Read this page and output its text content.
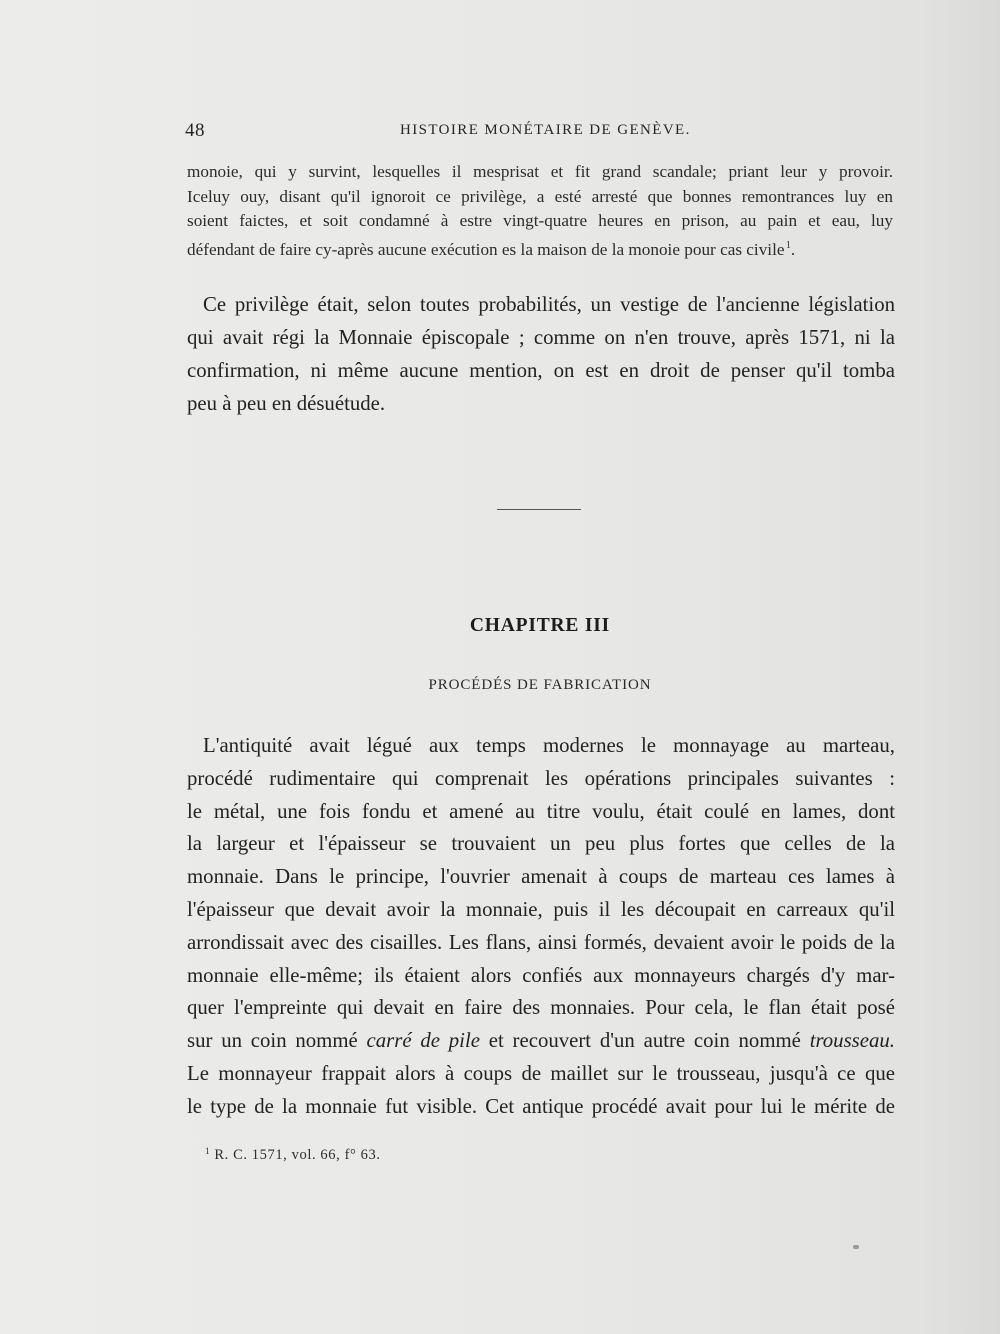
48	HISTOIRE MONÉTAIRE DE GENÈVE.
monoie, qui y survint, lesquelles il mesprisat et fit grand scandale; priant leur y provoir.
Iceluy ouy, disant qu'il ignoroit ce privilège, a esté arresté que bonnes remontrances luy en
soient faictes, et soit condamné à estre vingt-quatre heures en prison, au pain et eau, luy
défendant de faire cy-après aucune exécution es la maison de la monoie pour cas civile $^1$.
Ce privilège était, selon toutes probabilités, un vestige de l'ancienne législation
qui avait régi la Monnaie épiscopale ; comme on n'en trouve, après 1571, ni la
confirmation, ni même aucune mention, on est en droit de penser qu'il tomba
peu à peu en désuétude.
CHAPITRE III
PROCÉDÉS DE FABRICATION
L'antiquité avait légué aux temps modernes le monnayage au marteau,
procédé rudimentaire qui comprenait les opérations principales suivantes :
le métal, une fois fondu et amené au titre voulu, était coulé en lames, dont
la largeur et l'épaisseur se trouvaient un peu plus fortes que celles de la
monnaie. Dans le principe, l'ouvrier amenait à coups de marteau ces lames à
l'épaisseur que devait avoir la monnaie, puis il les découpait en carreaux qu'il
arrondissait avec des cisailles. Les flans, ainsi formés, devaient avoir le poids de la
monnaie elle-même; ils étaient alors confiés aux monnayeurs chargés d'y mar-
quer l'empreinte qui devait en faire des monnaies. Pour cela, le flan était posé
sur un coin nommé carré de pile et recouvert d'un autre coin nommé trousseau.
Le monnayeur frappait alors à coups de maillet sur le trousseau, jusqu'à ce que
le type de la monnaie fut visible. Cet antique procédé avait pour lui le mérite de
$^1$ R. C. 1571, vol. 66, f° 63.
